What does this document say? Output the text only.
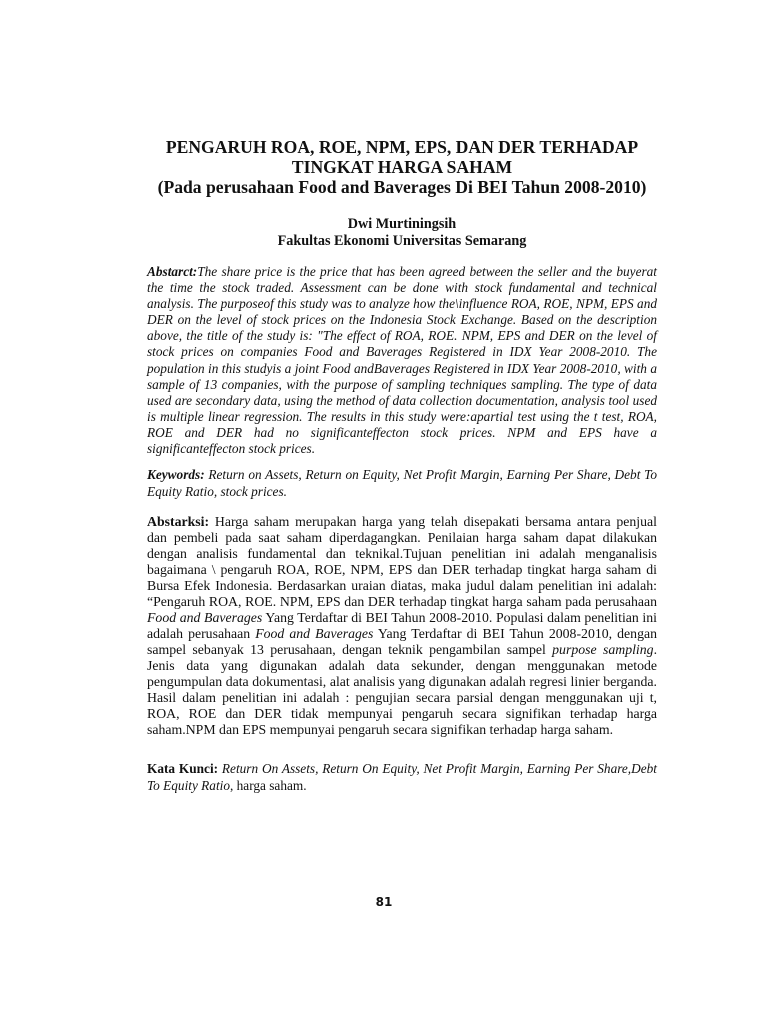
PENGARUH ROA, ROE, NPM, EPS, DAN DER TERHADAP
TINGKAT HARGA SAHAM
(Pada perusahaan Food and Baverages Di BEI Tahun 2008-2010)
Dwi Murtiningsih
Fakultas Ekonomi Universitas Semarang
Abstarct:The share price is the price that has been agreed between the seller and the buyerat the time the stock traded. Assessment can be done with stock fundamental and technical analysis. The purposeof this study was to analyze how the\influence ROA, ROE, NPM, EPS and DER on the level of stock prices on the Indonesia Stock Exchange. Based on the description above, the title of the study is: "The effect of ROA, ROE. NPM, EPS and DER on the level of stock prices on companies Food and Baverages Registered in IDX Year 2008-2010. The population in this studyis a joint Food andBaverages Registered in IDX Year 2008-2010, with a sample of 13 companies, with the purpose of sampling techniques sampling. The type of data used are secondary data, using the method of data collection documentation, analysis tool used is multiple linear regression. The results in this study were:apartial test using the t test, ROA, ROE and DER had no significanteffecton stock prices. NPM and EPS have a significanteffecton stock prices.
Keywords: Return on Assets, Return on Equity, Net Profit Margin, Earning Per Share, Debt To Equity Ratio, stock prices.
Abstarksi: Harga saham merupakan harga yang telah disepakati bersama antara penjual dan pembeli pada saat saham diperdagangkan. Penilaian harga saham dapat dilakukan dengan analisis fundamental dan teknikal.Tujuan penelitian ini adalah menganalisis bagaimana \ pengaruh ROA, ROE, NPM, EPS dan DER terhadap tingkat harga saham di Bursa Efek Indonesia. Berdasarkan uraian diatas, maka judul dalam penelitian ini adalah: “Pengaruh ROA, ROE. NPM, EPS dan DER terhadap tingkat harga saham pada perusahaan Food and Baverages Yang Terdaftar di BEI Tahun 2008-2010. Populasi dalam penelitian ini adalah perusahaan Food and Baverages Yang Terdaftar di BEI Tahun 2008-2010, dengan sampel sebanyak 13 perusahaan, dengan teknik pengambilan sampel purpose sampling. Jenis data yang digunakan adalah data sekunder, dengan menggunakan metode pengumpulan data dokumentasi, alat analisis yang digunakan adalah regresi linier berganda. Hasil dalam penelitian ini adalah : pengujian secara parsial dengan menggunakan uji t, ROA, ROE dan DER tidak mempunyai pengaruh secara signifikan terhadap harga saham.NPM dan EPS mempunyai pengaruh secara signifikan terhadap harga saham.
Kata Kunci: Return On Assets, Return On Equity, Net Profit Margin, Earning Per Share,Debt To Equity Ratio, harga saham.
81
